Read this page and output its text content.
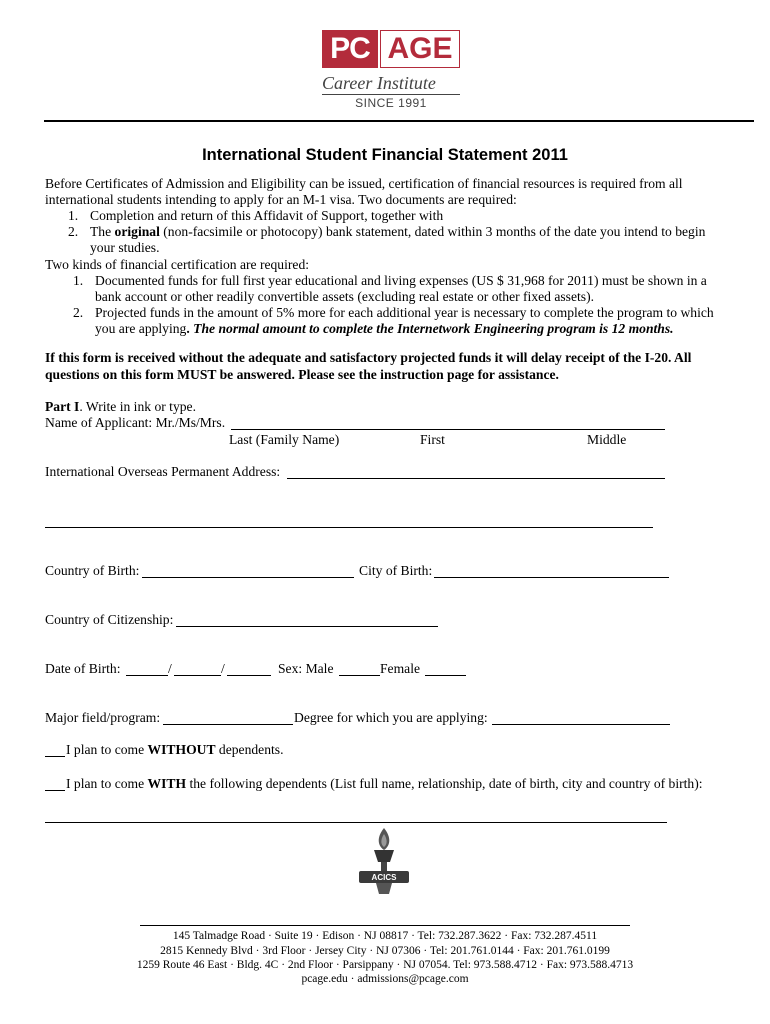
PC AGE
Career Institute
SINCE 1991
International Student Financial Statement 2011
Before Certificates of Admission and Eligibility can be issued, certification of financial resources is required from all
international students intending to apply for an M-1 visa. Two documents are required:
1. Completion and return of this Affidavit of Support, together with
2. The original (non-facsimile or photocopy) bank statement, dated within 3 months of the date you intend to begin
your studies.
Two kinds of financial certification are required:
1. Documented funds for full first year educational and living expenses (US $ 31,968 for 2011) must be shown in a
bank account or other readily convertible assets (excluding real estate or other fixed assets).
2. Projected funds in the amount of 5% more for each additional year is necessary to complete the program to which
you are applying. The normal amount to complete the Internetwork Engineering program is 12 months.
If this form is received without the adequate and satisfactory projected funds it will delay receipt of the I-20. All
questions on this form MUST be answered. Please see the instruction page for assistance.
Part I. Write in ink or type.
Name of Applicant: Mr./Ms/Mrs.
Last (Family Name)	First	Middle
International Overseas Permanent Address:
Country of Birth:	City of Birth:
Country of Citizenship:
Date of Birth:	/	/	Sex: Male	Female
Major field/program:	Degree for which you are applying:
I plan to come WITHOUT dependents.
I plan to come WITH the following dependents (List full name, relationship, date of birth, city and country of birth):
ACICS
145 Talmadge Road · Suite 19 · Edison · NJ 08817 · Tel: 732.287.3622 · Fax: 732.287.4511
2815 Kennedy Blvd · 3rd Floor · Jersey City · NJ 07306 · Tel: 201.761.0144 · Fax: 201.761.0199
1259 Route 46 East · Bldg. 4C · 2nd Floor · Parsippany · NJ 07054. Tel: 973.588.4712 · Fax: 973.588.4713
pcage.edu · admissions@pcage.com
